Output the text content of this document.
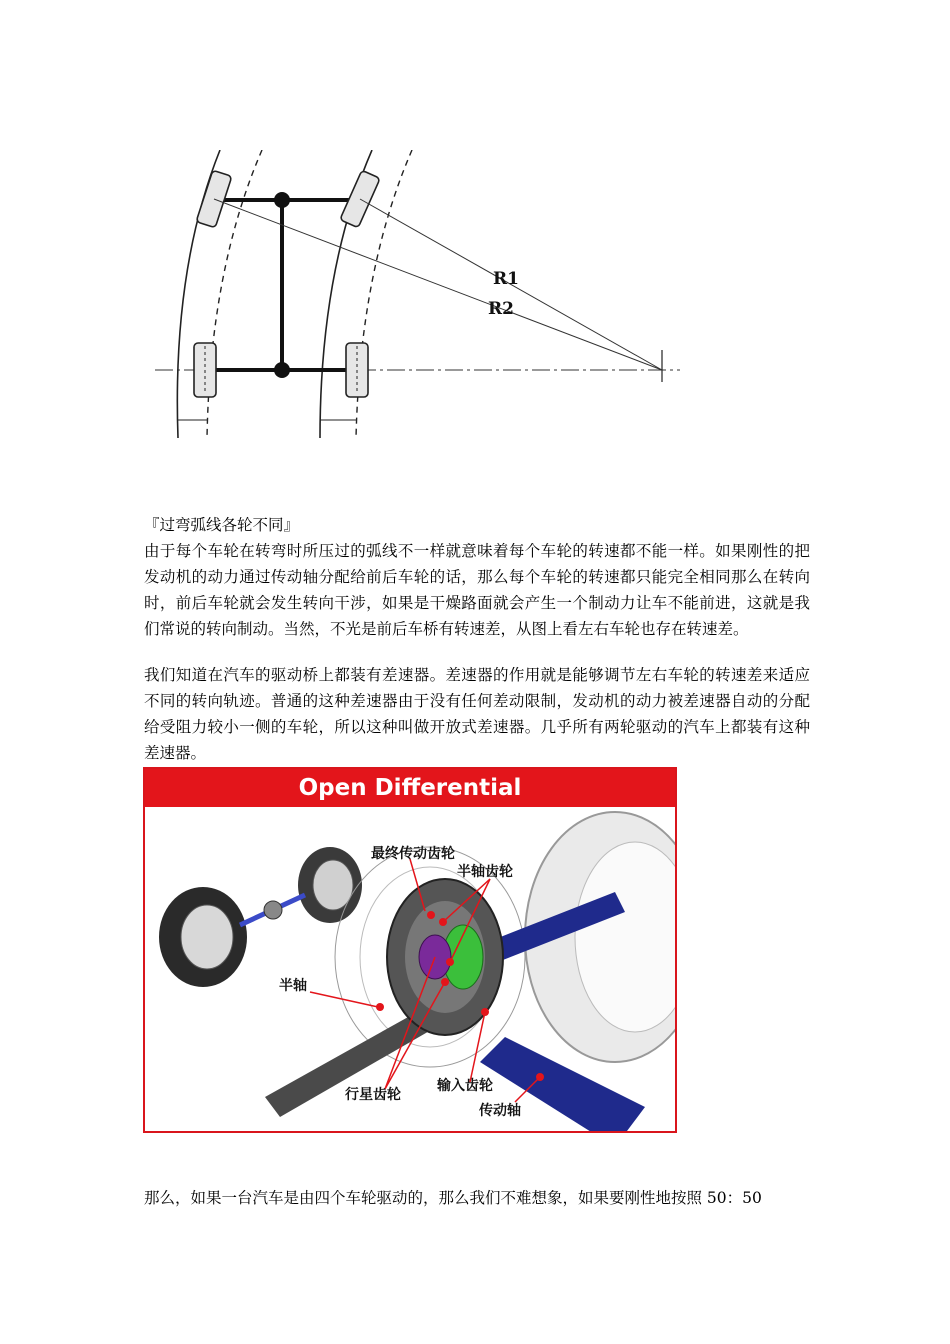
R1
R2
『过弯弧线各轮不同』
由于每个车轮在转弯时所压过的弧线不一样就意味着每个车轮的转速都不能一样。如果刚性的把发动机的动力通过传动轴分配给前后车轮的话，那么每个车轮的转速都只能完全相同那么在转向时，前后车轮就会发生转向干涉，如果是干燥路面就会产生一个制动力让车不能前进，这就是我们常说的转向制动。当然，不光是前后车桥有转速差，从图上看左右车轮也存在转速差。
我们知道在汽车的驱动桥上都装有差速器。差速器的作用就是能够调节左右车轮的转速差来适应不同的转向轨迹。普通的这种差速器由于没有任何差动限制，发动机的动力被差速器自动的分配给受阻力较小一侧的车轮，所以这种叫做开放式差速器。几乎所有两轮驱动的汽车上都装有这种差速器。
Open Differential
最终传动齿轮
半轴齿轮
半轴
行星齿轮
输入齿轮
传动轴
那么，如果一台汽车是由四个车轮驱动的，那么我们不难想象，如果要刚性地按照 50：50
